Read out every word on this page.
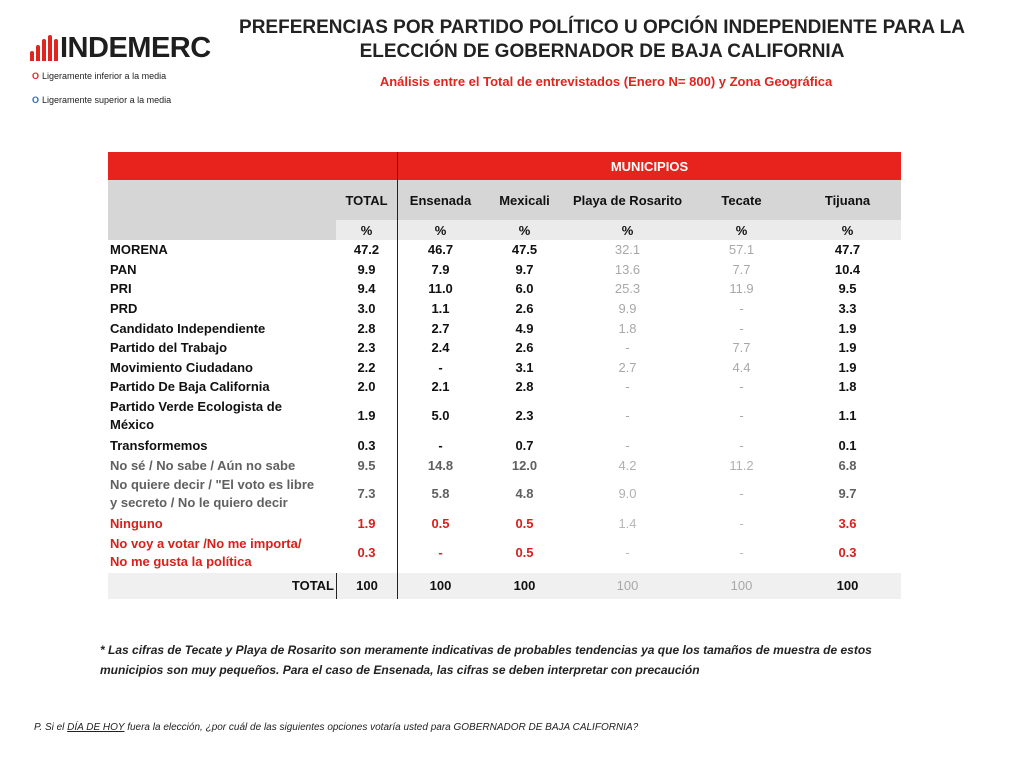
INDEMERC
O Ligeramente inferior a la media
O Ligeramente superior a la media
PREFERENCIAS POR PARTIDO POLÍTICO U OPCIÓN INDEPENDIENTE PARA LA
ELECCIÓN DE GOBERNADOR DE BAJA CALIFORNIA
Análisis entre el Total de entrevistados (Enero N= 800) y Zona Geográfica
		MUNICIPIOS				
	TOTAL	Ensenada	Mexicali	Playa de Rosarito	Tecate	Tijuana
	%	%	%	%	%	%
MORENA	47.2	46.7	47.5	32.1	57.1	47.7
PAN	9.9	7.9	9.7	13.6	7.7	10.4
PRI	9.4	11.0	6.0	25.3	11.9	9.5
PRD	3.0	1.1	2.6	9.9	-	3.3
Candidato Independiente	2.8	2.7	4.9	1.8	-	1.9
Partido del Trabajo	2.3	2.4	2.6	-	7.7	1.9
Movimiento Ciudadano	2.2	-	3.1	2.7	4.4	1.9
Partido De Baja California	2.0	2.1	2.8	-	-	1.8

Partido Verde Ecologista de
México	1.9	5.0	2.3	-	-	1.1
Transformemos	0.3	-	0.7	-	-	0.1
No sé / No sabe / Aún no sabe	9.5	14.8	12.0	4.2	11.2	6.8

No quiere decir / "El voto es libre
y secreto / No le quiero decir	7.3	5.8	4.8	9.0	-	9.7
Ninguno	1.9	0.5	0.5	1.4	-	3.6

No voy a votar /No me importa/
No me gusta la política	0.3	-	0.5	-	-	0.3
TOTAL	100	100	100	100	100	100
* Las cifras de Tecate y Playa de Rosarito son meramente indicativas de probables tendencias ya que los tamaños de muestra de estos
municipios son muy pequeños. Para el caso de Ensenada, las cifras se deben interpretar con precaución
P. Si el DÍA DE HOY fuera la elección, ¿por cuál de las siguientes opciones votaría usted para GOBERNADOR DE BAJA CALIFORNIA?
